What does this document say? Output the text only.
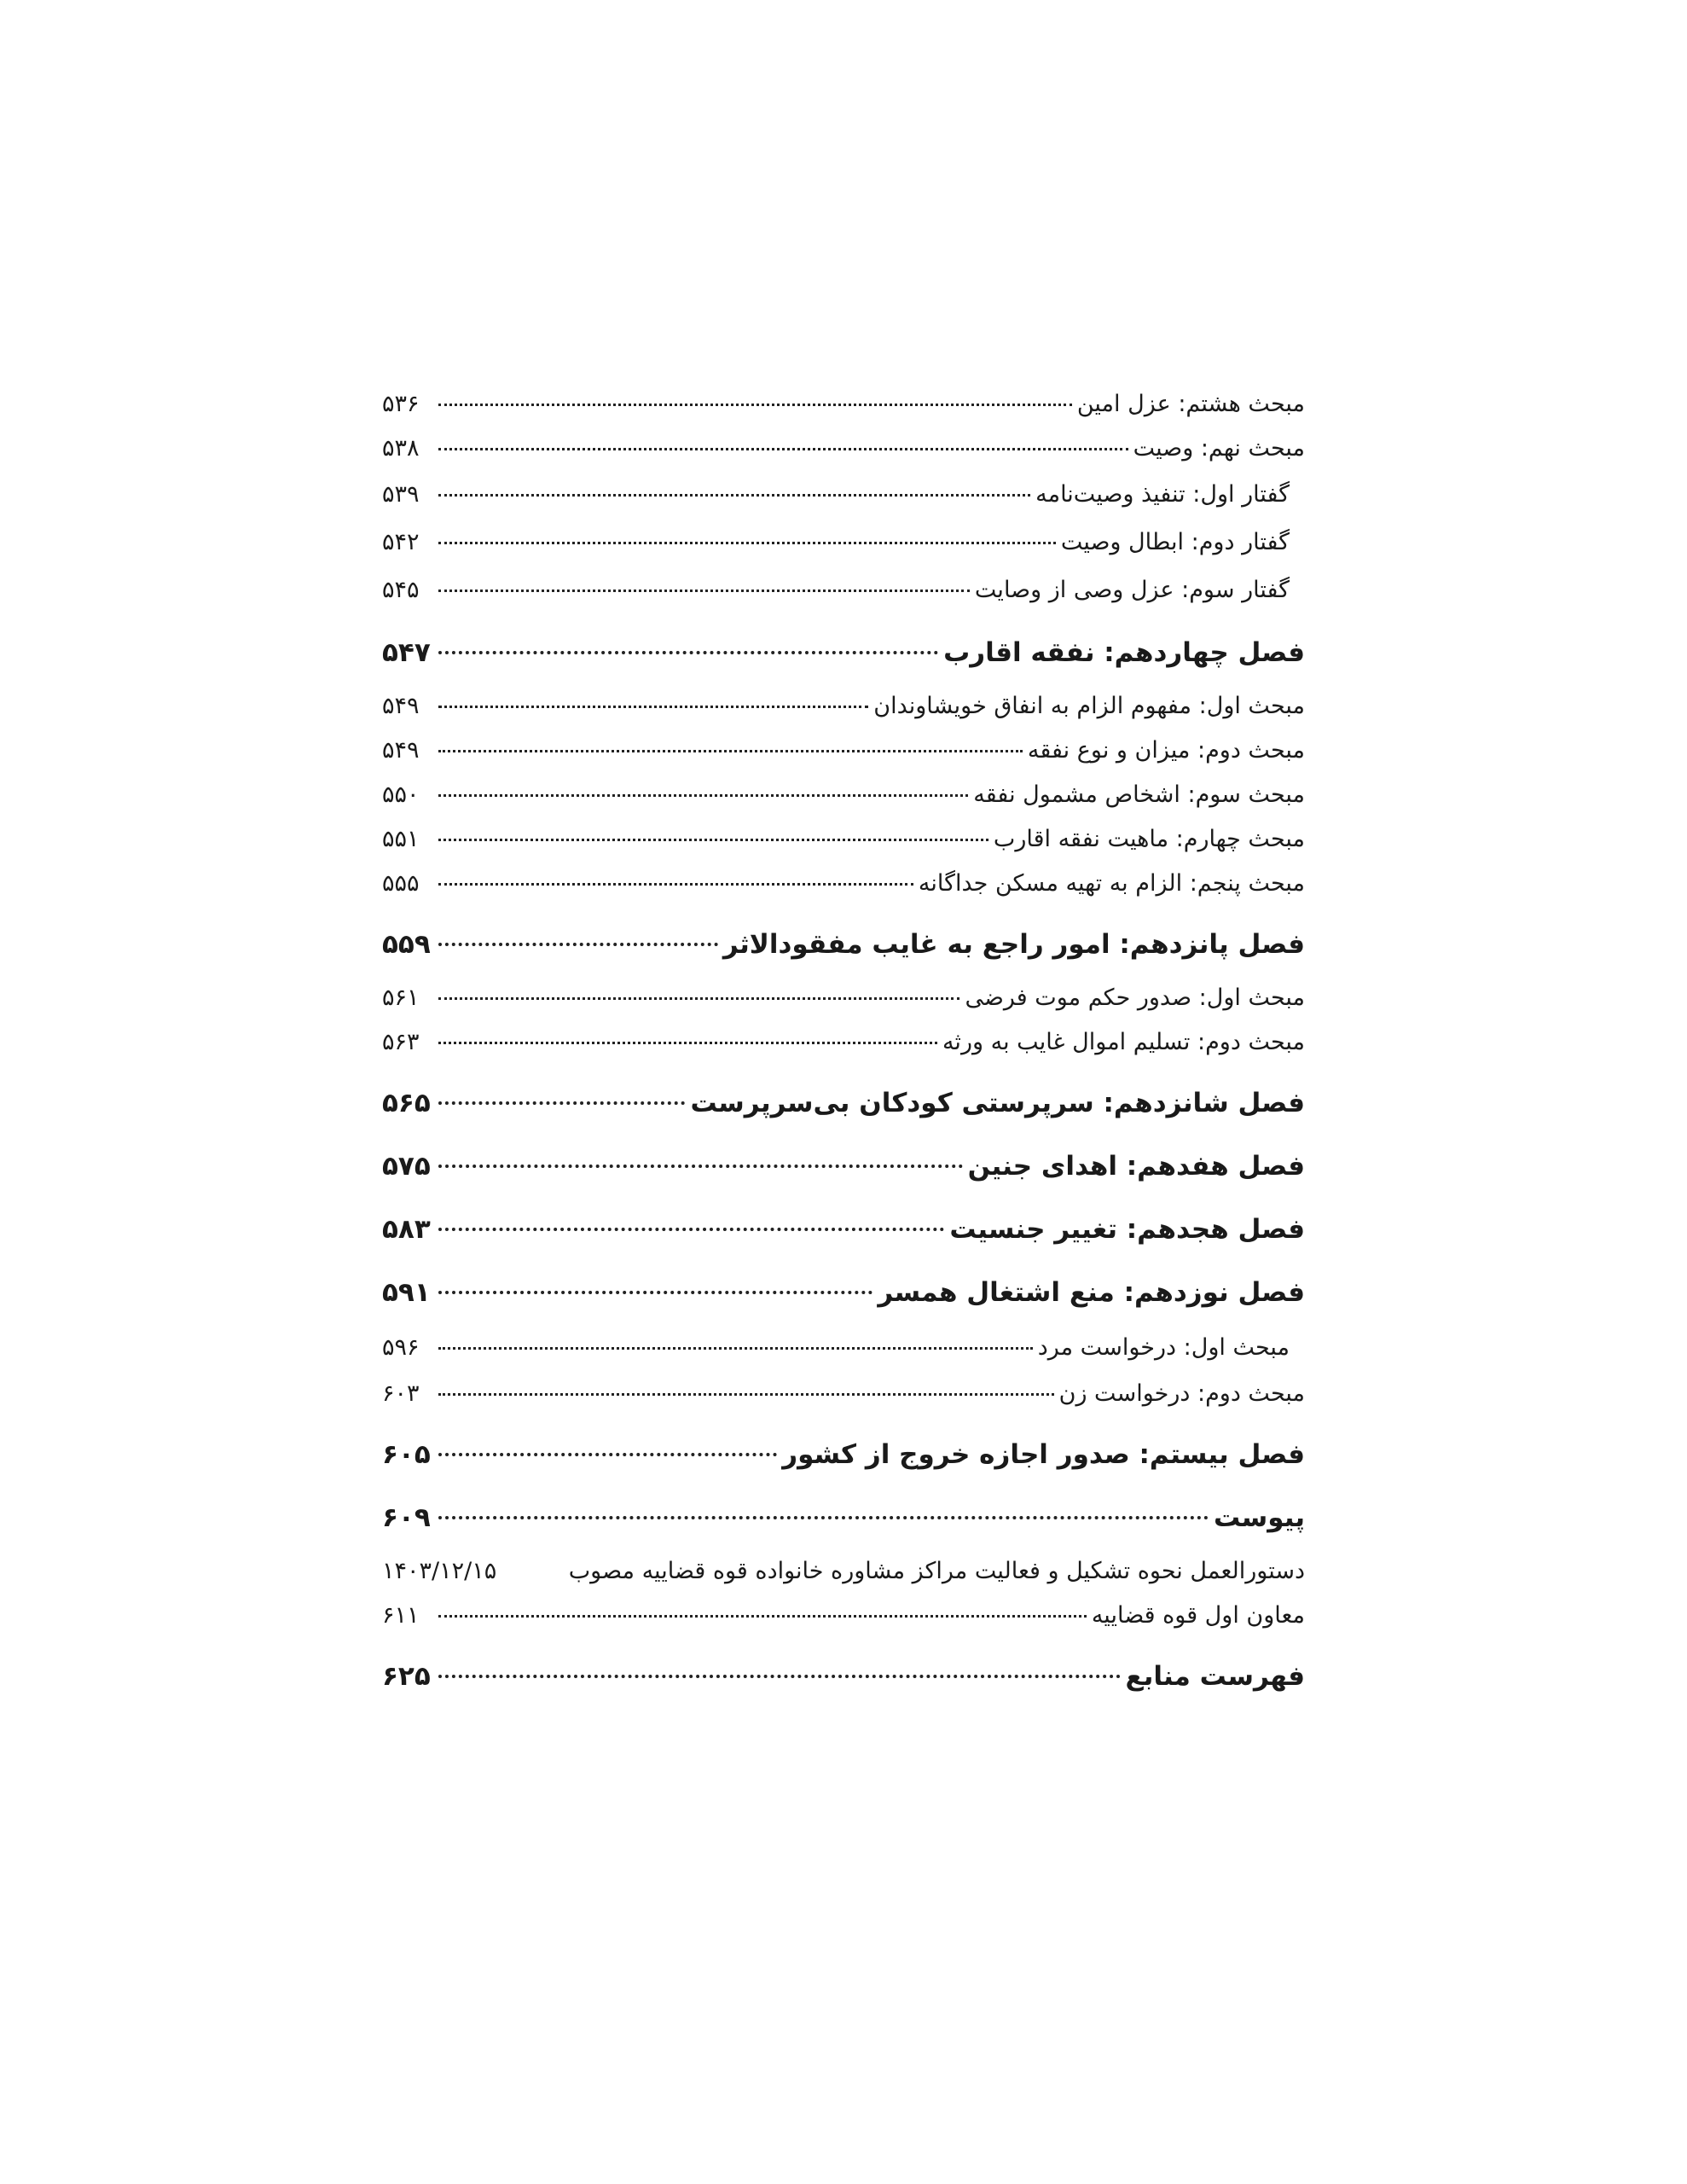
مبحث هشتم: عزل امین
۵۳۶
مبحث نهم: وصیت
۵۳۸
گفتار اول: تنفیذ وصیت‌نامه
۵۳۹
گفتار دوم: ابطال وصیت
۵۴۲
گفتار سوم: عزل وصی از وصایت
۵۴۵
فصل چهاردهم: نفقه اقارب
۵۴۷
مبحث اول: مفهوم الزام به انفاق خویشاوندان
۵۴۹
مبحث دوم: میزان و نوع نفقه
۵۴۹
مبحث سوم: اشخاص مشمول نفقه
۵۵۰
مبحث چهارم: ماهیت نفقه اقارب
۵۵۱
مبحث پنجم: الزام به تهیه مسکن جداگانه
۵۵۵
فصل پانزدهم: امور راجع به غایب مفقودالاثر
۵۵۹
مبحث اول: صدور حکم موت فرضی
۵۶۱
مبحث دوم: تسلیم اموال غایب به ورثه
۵۶۳
فصل شانزدهم: سرپرستی کودکان بی‌سرپرست
۵۶۵
فصل هفدهم: اهدای جنین
۵۷۵
فصل هجدهم: تغییر جنسیت
۵۸۳
فصل نوزدهم: منع اشتغال همسر
۵۹۱
مبحث اول: درخواست مرد
۵۹۶
مبحث دوم: درخواست زن
۶۰۳
فصل بیستم: صدور اجازه خروج از کشور
۶۰۵
پیوست
۶۰۹
دستورالعمل نحوه تشکیل و فعالیت مراکز مشاوره خانواده قوه قضاییه مصوب
۱۴۰۳/۱۲/۱۵
معاون اول قوه قضاییه
۶۱۱
فهرست منابع
۶۲۵
